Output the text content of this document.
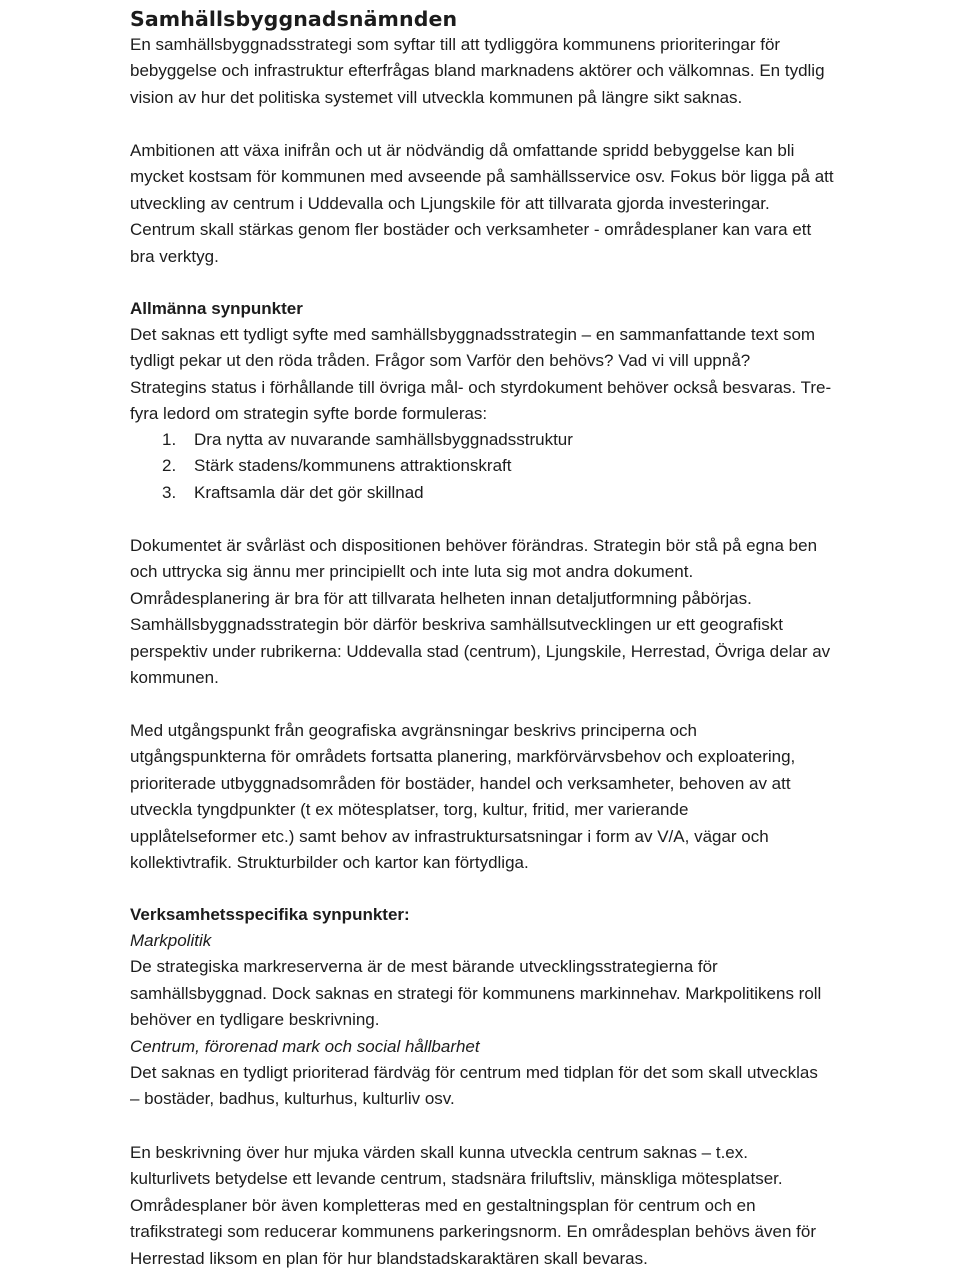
Samhällsbyggnadsnämnden
En samhällsbyggnadsstrategi som syftar till att tydliggöra kommunens prioriteringar för
bebyggelse och infrastruktur efterfrågas bland marknadens aktörer och välkomnas. En tydlig
vision av hur det politiska systemet vill utveckla kommunen på längre sikt saknas.
Ambitionen att växa inifrån och ut är nödvändig då omfattande spridd bebyggelse kan bli
mycket kostsam för kommunen med avseende på samhällsservice osv. Fokus bör ligga på att
utveckling av centrum i Uddevalla och Ljungskile för att tillvarata gjorda investeringar.
Centrum skall stärkas genom fler bostäder och verksamheter - områdesplaner kan vara ett
bra verktyg.
Allmänna synpunkter
Det saknas ett tydligt syfte med samhällsbyggnadsstrategin – en sammanfattande text som
tydligt pekar ut den röda tråden. Frågor som Varför den behövs? Vad vi vill uppnå?
Strategins status i förhållande till övriga mål- och styrdokument behöver också besvaras. Tre-
fyra ledord om strategin syfte borde formuleras:
1. Dra nytta av nuvarande samhällsbyggnadsstruktur
2. Stärk stadens/kommunens attraktionskraft
3. Kraftsamla där det gör skillnad
Dokumentet är svårläst och dispositionen behöver förändras. Strategin bör stå på egna ben
och uttrycka sig ännu mer principiellt och inte luta sig mot andra dokument.
Områdesplanering är bra för att tillvarata helheten innan detaljutformning påbörjas.
Samhällsbyggnadsstrategin bör därför beskriva samhällsutvecklingen ur ett geografiskt
perspektiv under rubrikerna: Uddevalla stad (centrum), Ljungskile, Herrestad, Övriga delar av
kommunen.
Med utgångspunkt från geografiska avgränsningar beskrivs principerna och
utgångspunkterna för områdets fortsatta planering, markförvärvsbehov och exploatering,
prioriterade utbyggnadsområden för bostäder, handel och verksamheter, behoven av att
utveckla tyngdpunkter (t ex mötesplatser, torg, kultur, fritid, mer varierande
upplåtelseformer etc.) samt behov av infrastruktursatsningar i form av V/A, vägar och
kollektivtrafik. Strukturbilder och kartor kan förtydliga.
Verksamhetsspecifika synpunkter:
Markpolitik
De strategiska markreserverna är de mest bärande utvecklingsstrategierna för
samhällsbyggnad. Dock saknas en strategi för kommunens markinnehav. Markpolitikens roll
behöver en tydligare beskrivning.
Centrum, förorenad mark och social hållbarhet
Det saknas en tydligt prioriterad färdväg för centrum med tidplan för det som skall utvecklas
– bostäder, badhus, kulturhus, kulturliv osv.
En beskrivning över hur mjuka värden skall kunna utveckla centrum saknas – t.ex.
kulturlivets betydelse ett levande centrum, stadsnära friluftsliv, mänskliga mötesplatser.
Områdesplaner bör även kompletteras med en gestaltningsplan för centrum och en
trafikstrategi som reducerar kommunens parkeringsnorm. En områdesplan behövs även för
Herrestad liksom en plan för hur blandstadskaraktären skall bevaras.
